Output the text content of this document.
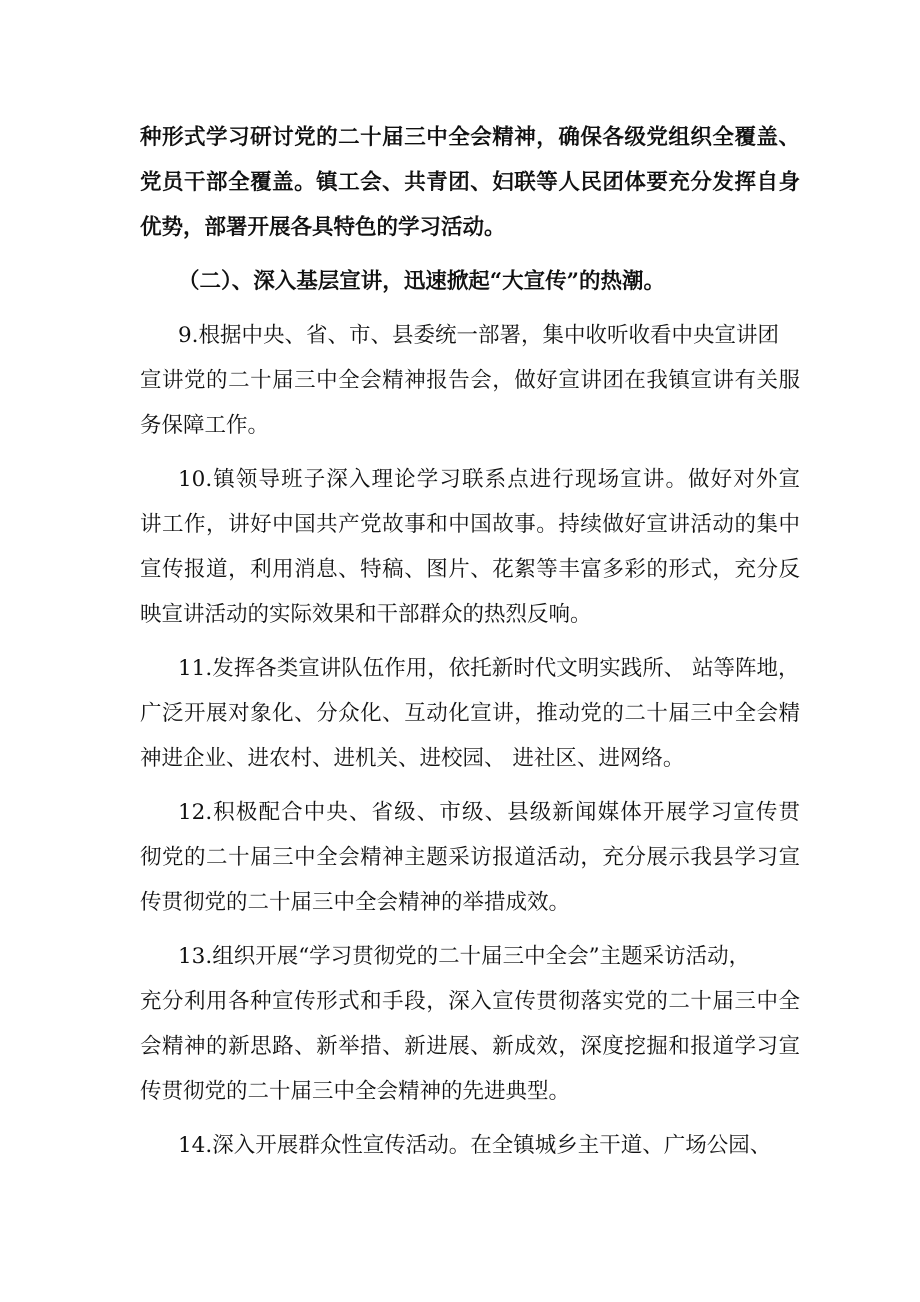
种形式学习研讨党的二十届三中全会精神，确保各级党组织全覆盖、
党员干部全覆盖。镇工会、共青团、妇联等人民团体要充分发挥自身
优势，部署开展各具特色的学习活动。
（二）、深入基层宣讲，迅速掀起“大宣传”的热潮。
9.根据中央、省、市、县委统一部署，集中收听收看中央宣讲团
宣讲党的二十届三中全会精神报告会，做好宣讲团在我镇宣讲有关服
务保障工作。
10.镇领导班子深入理论学习联系点进行现场宣讲。做好对外宣
讲工作，讲好中国共产党故事和中国故事。持续做好宣讲活动的集中
宣传报道，利用消息、特稿、图片、花絮等丰富多彩的形式，充分反
映宣讲活动的实际效果和干部群众的热烈反响。
11.发挥各类宣讲队伍作用，依托新时代文明实践所、 站等阵地，
广泛开展对象化、分众化、互动化宣讲，推动党的二十届三中全会精
神进企业、进农村、进机关、进校园、 进社区、进网络。
12.积极配合中央、省级、市级、县级新闻媒体开展学习宣传贯
彻党的二十届三中全会精神主题采访报道活动，充分展示我县学习宣
传贯彻党的二十届三中全会精神的举措成效。
13.组织开展“学习贯彻党的二十届三中全会”主题采访活动，
充分利用各种宣传形式和手段，深入宣传贯彻落实党的二十届三中全
会精神的新思路、新举措、新进展、新成效，深度挖掘和报道学习宣
传贯彻党的二十届三中全会精神的先进典型。
14.深入开展群众性宣传活动。在全镇城乡主干道、广场公园、
